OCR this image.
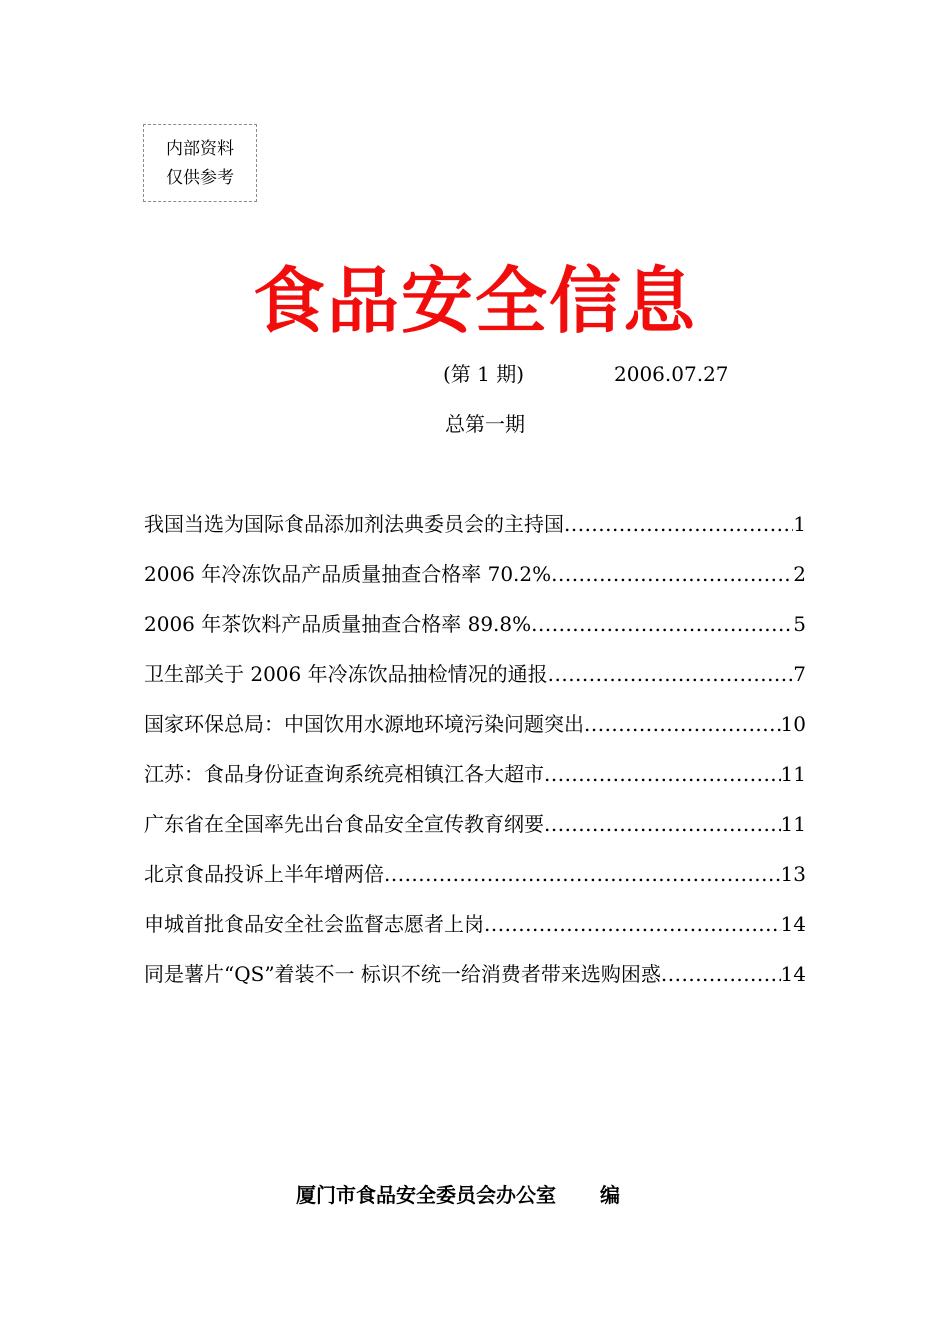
内部资料
仅供参考
食品安全信息
(第 1 期)	2006.07.27
总第一期
我国当选为国际食品添加剂法典委员会的主持国 .....	1
2006 年冷冻饮品产品质量抽查合格率 70.2% .....	2
2006 年茶饮料产品质量抽查合格率 89.8% .....	5
卫生部关于 2006 年冷冻饮品抽检情况的通报 .....	7
国家环保总局：中国饮用水源地环境污染问题突出 .....	10
江苏：食品身份证查询系统亮相镇江各大超市 .....	11
广东省在全国率先出台食品安全宣传教育纲要 .....	11
北京食品投诉上半年增两倍 .....	13
申城首批食品安全社会监督志愿者上岗 .....	14
同是薯片“QS”着装不一 标识不统一给消费者带来选购困惑 .....	14
厦门市食品安全委员会办公室 编
